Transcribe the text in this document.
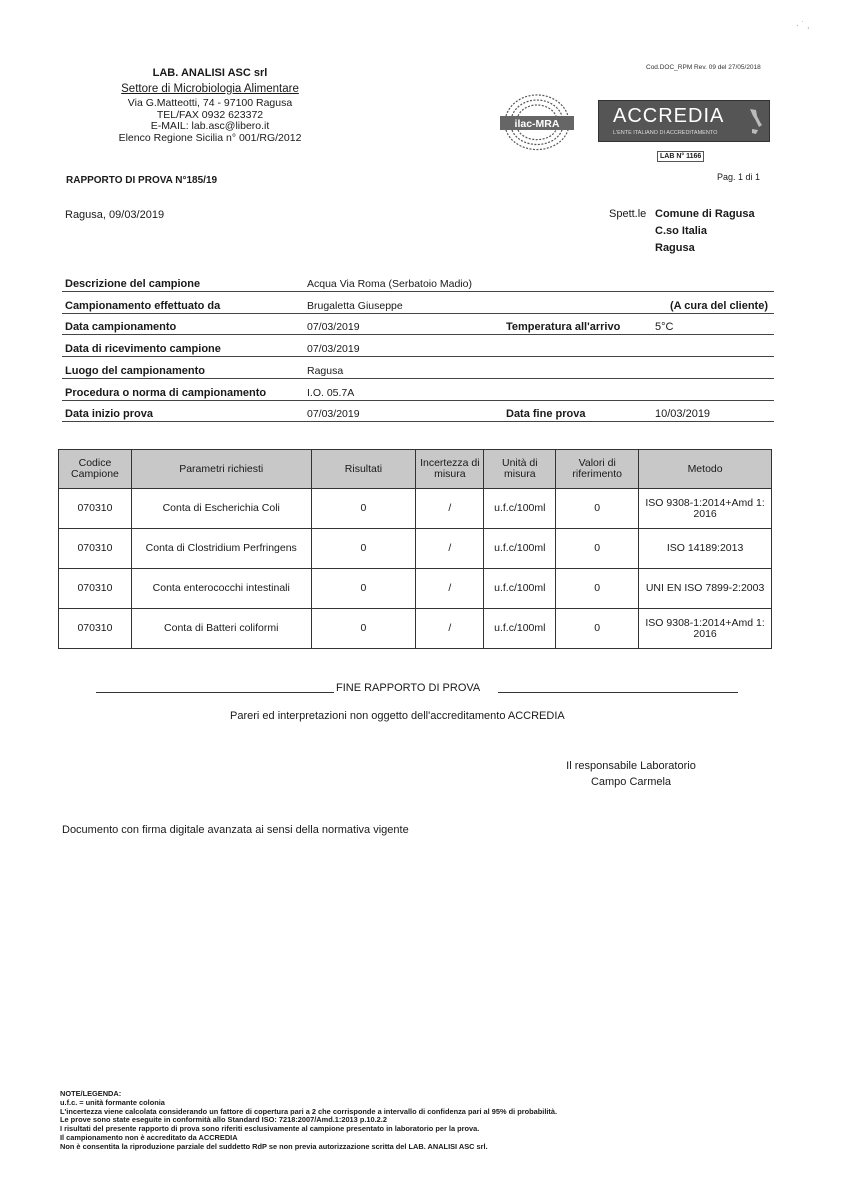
· ˙ ,
LAB. ANALISI ASC srl
Settore di Microbiologia Alimentare
Via G.Matteotti, 74 - 97100 Ragusa
TEL/FAX 0932 623372
E-MAIL: lab.asc@libero.it
Elenco Regione Sicilia n° 001/RG/2012
Cod.DOC_RPM Rev. 09 del 27/05/2018
ilac-MRA	ACCREDIA
L'ENTE ITALIANO DI ACCREDITAMENTO
LAB N° 1166
RAPPORTO DI PROVA N°185/19	Pag. 1 di 1
Ragusa, 09/03/2019	Spett.le Comune di Ragusa
C.so Italia
Ragusa
Descrizione del campione	Acqua Via Roma (Serbatoio Madio)
Campionamento effettuato da	Brugaletta Giuseppe	(A cura del cliente)
Data campionamento	07/03/2019	Temperatura all'arrivo	5°C
Data di ricevimento campione	07/03/2019
Luogo del campionamento	Ragusa
Procedura o norma di campionamento	I.O. 05.7A
Data inizio prova	07/03/2019	Data fine prova	10/03/2019
Codice Campione	Parametri richiesti	Risultati	Incertezza di misura	Unità di misura	Valori di riferimento	Metodo
070310	Conta di Escherichia Coli	0	/	u.f.c/100ml	0	ISO 9308-1:2014+Amd 1: 2016
070310	Conta di Clostridium Perfringens	0	/	u.f.c/100ml	0	ISO 14189:2013
070310	Conta enterococchi intestinali	0	/	u.f.c/100ml	0	UNI EN ISO 7899-2:2003
070310	Conta di Batteri coliformi	0	/	u.f.c/100ml	0	ISO 9308-1:2014+Amd 1: 2016
FINE RAPPORTO DI PROVA
Pareri ed interpretazioni non oggetto dell'accreditamento ACCREDIA
Il responsabile Laboratorio
Campo Carmela
Documento con firma digitale avanzata ai sensi della normativa vigente
NOTE/LEGENDA:
u.f.c. = unità formante colonia
L'incertezza viene calcolata considerando un fattore di copertura pari a 2 che corrisponde a intervallo di confidenza pari al 95% di probabilità.
Le prove sono state eseguite in conformità allo Standard ISO: 7218:2007/Amd.1:2013 p.10.2.2
I risultati del presente rapporto di prova sono riferiti esclusivamente al campione presentato in laboratorio per la prova.
Il campionamento non è accreditato da ACCREDIA
Non è consentita la riproduzione parziale del suddetto RdP se non previa autorizzazione scritta del LAB. ANALISI ASC srl.
